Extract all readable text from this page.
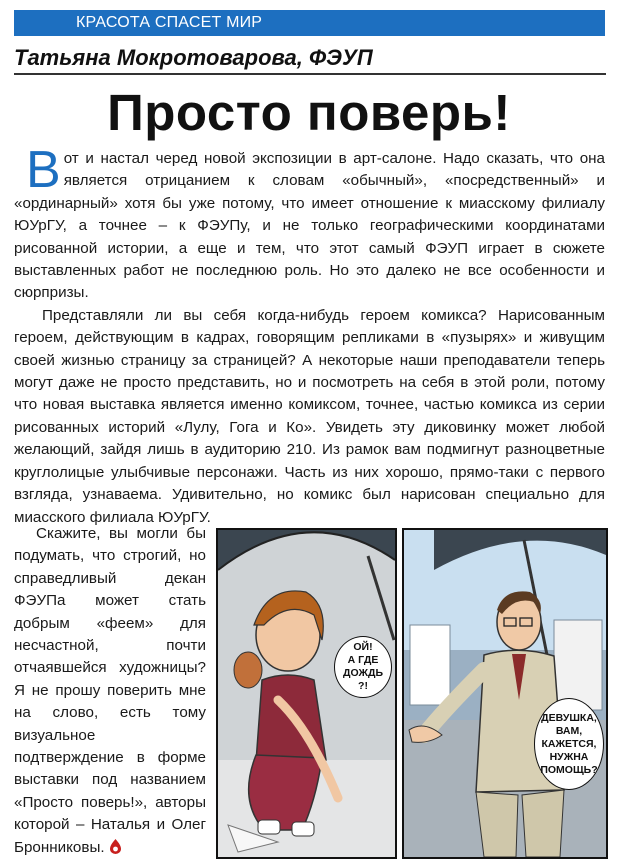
КРАСОТА СПАСЕТ МИР
Татьяна Мокротоварова, ФЭУП
Просто поверь!

Вот и настал черед новой экспозиции в арт-салоне. Надо сказать, что она является отрицанием к словам «обычный», «посредственный» и «ординарный» хотя бы уже потому, что имеет отношение к миасскому филиалу ЮУрГУ, а точнее – к ФЭУПу, и не только географическими координатами рисованной истории, а еще и тем, что этот самый ФЭУП играет в сюжете выставленных работ не последнюю роль. Но это далеко не все особенности и сюрпризы.

Представляли ли вы себя когда-нибудь героем комикса? Нарисованным героем, действующим в кадрах, говорящим репликами в «пузырях» и живущим своей жизнью страницу за страницей? А некоторые наши преподаватели теперь могут даже не просто представить, но и посмотреть на себя в этой роли, потому что новая выставка является именно комиксом, точнее, частью комикса из серии рисованных историй «Лулу, Гога и Ко». Увидеть эту диковинку может любой желающий, зайдя лишь в аудиторию 210. Из рамок вам подмигнут разноцветные круглолицые улыбчивые персонажи. Часть из них хорошо, прямо-таки с первого взгляда, узнаваема. Удивительно, но комикс был нарисован специально для миасского филиала ЮУрГУ.

Скажите, вы могли бы подумать, что строгий, но справедливый декан ФЭУПа может стать добрым «феем» для несчастной, почти отчаявшейся художницы? Я не прошу поверить мне на слово, есть тому визуальное подтверждение в форме выставки под названием «Просто поверь!», авторы которой – Наталья и Олег Бронниковы.

ОЙ!
А ГДЕ
ДОЖДЬ
?!
ДЕВУШКА,
ВАМ,
КАЖЕТСЯ,
НУЖНА
ПОМОЩЬ?
